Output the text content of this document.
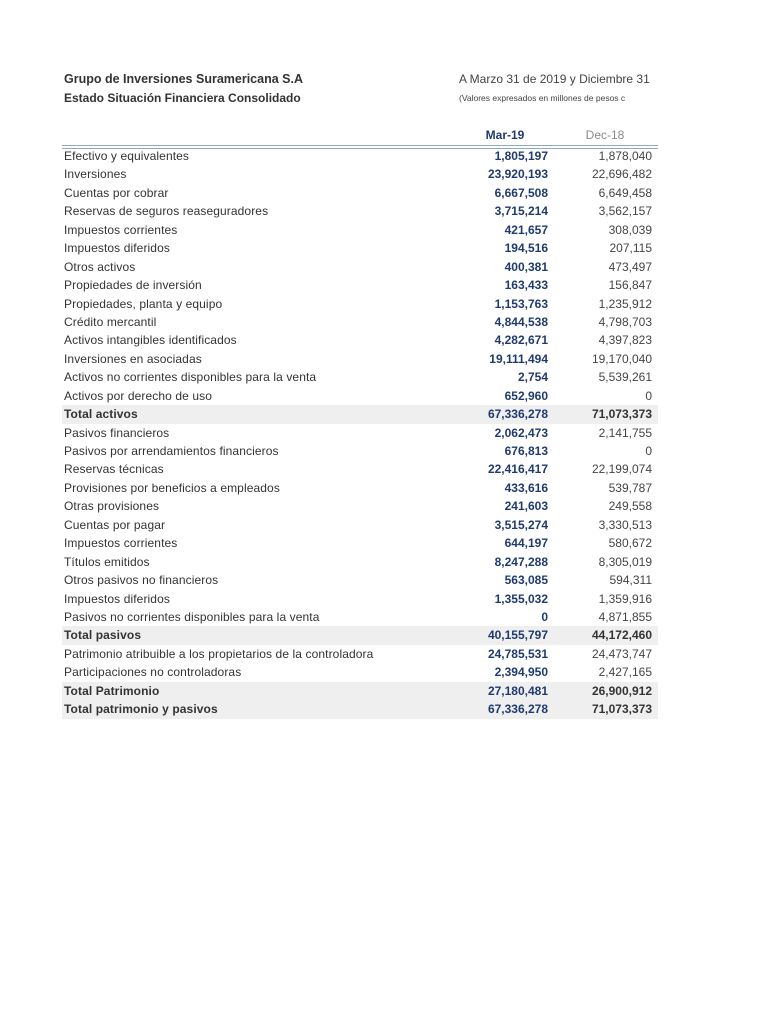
Grupo de Inversiones Suramericana S.A
Estado Situación Financiera Consolidado
A Marzo 31 de 2019 y Diciembre 31
(Valores expresados en millones de pesos c
Mar-19	Dec-18
Efectivo y equivalentes	1,805,197	1,878,040
Inversiones	23,920,193	22,696,482
Cuentas por cobrar	6,667,508	6,649,458
Reservas de seguros reaseguradores	3,715,214	3,562,157
Impuestos corrientes	421,657	308,039
Impuestos diferidos	194,516	207,115
Otros activos	400,381	473,497
Propiedades de inversión	163,433	156,847
Propiedades, planta y equipo	1,153,763	1,235,912
Crédito mercantil	4,844,538	4,798,703
Activos intangibles identificados	4,282,671	4,397,823
Inversiones en asociadas	19,111,494	19,170,040
Activos no corrientes disponibles para la venta	2,754	5,539,261
Activos por derecho de uso	652,960	0
Total activos	67,336,278	71,073,373
Pasivos financieros	2,062,473	2,141,755
Pasivos por arrendamientos financieros	676,813	0
Reservas técnicas	22,416,417	22,199,074
Provisiones por beneficios a empleados	433,616	539,787
Otras provisiones	241,603	249,558
Cuentas por pagar	3,515,274	3,330,513
Impuestos corrientes	644,197	580,672
Títulos emitidos	8,247,288	8,305,019
Otros pasivos no financieros	563,085	594,311
Impuestos diferidos	1,355,032	1,359,916
Pasivos no corrientes disponibles para la venta	0	4,871,855
Total pasivos	40,155,797	44,172,460
Patrimonio atribuible a los propietarios de la controladora	24,785,531	24,473,747
Participaciones no controladoras	2,394,950	2,427,165
Total Patrimonio	27,180,481	26,900,912
Total patrimonio y pasivos	67,336,278	71,073,373
